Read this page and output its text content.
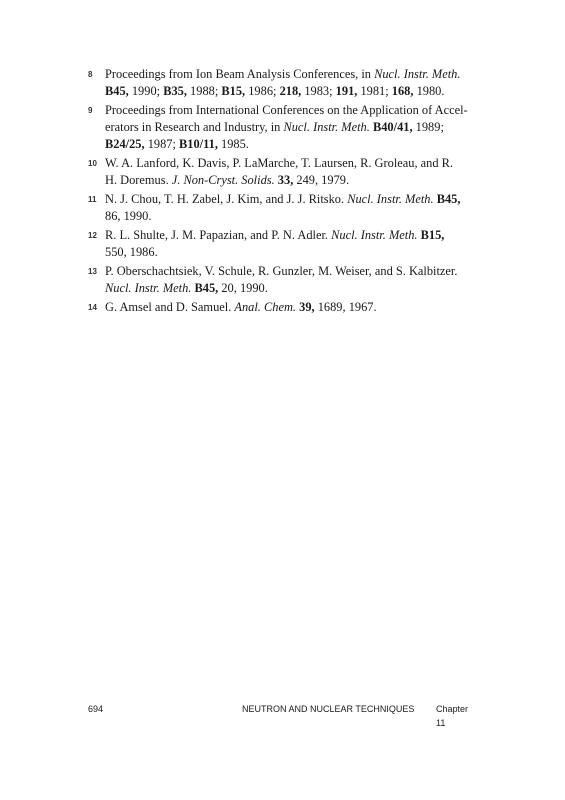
8	Proceedings from Ion Beam Analysis Conferences, in Nucl. Instr. Meth. B45, 1990; B35, 1988; B15, 1986; 218, 1983; 191, 1981; 168, 1980.
9	Proceedings from International Conferences on the Application of Accel-erators in Research and Industry, in Nucl. Instr. Meth. B40/41, 1989; B24/25, 1987; B10/11, 1985.
10 W. A. Lanford, K. Davis, P. LaMarche, T. Laursen, R. Groleau, and R. H. Doremus. J. Non-Cryst. Solids. 33, 249, 1979.
11 N. J. Chou, T. H. Zabel, J. Kim, and J. J. Ritsko. Nucl. Instr. Meth. B45, 86, 1990.
12 R. L. Shulte, J. M. Papazian, and P. N. Adler. Nucl. Instr. Meth. B15, 550, 1986.
13 P. Oberschachtsiek, V. Schule, R. Gunzler, M. Weiser, and S. Kalbitzer. Nucl. Instr. Meth. B45, 20, 1990.
14 G. Amsel and D. Samuel. Anal. Chem. 39, 1689, 1967.
694	NEUTRON AND NUCLEAR TECHNIQUES Chapter 11
